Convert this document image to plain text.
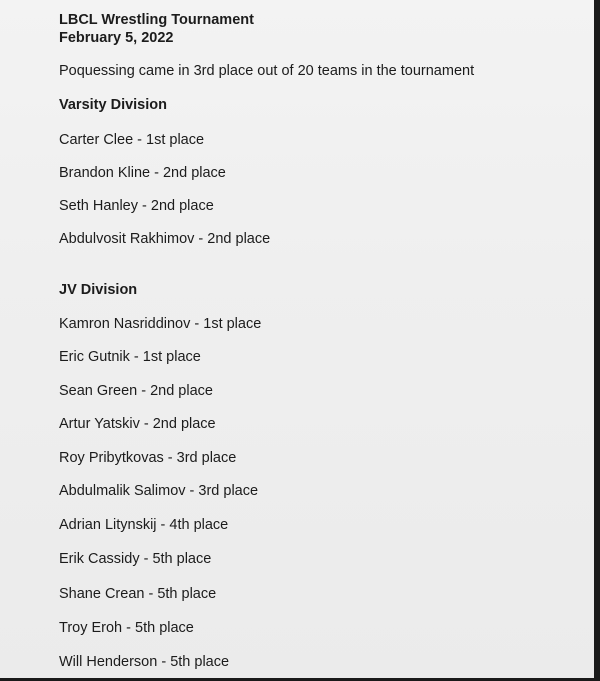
LBCL Wrestling Tournament
February 5, 2022

Poquessing came in 3rd place out of 20 teams in the tournament

Varsity Division

Carter Clee - 1st place

Brandon Kline - 2nd place

Seth Hanley - 2nd place

Abdulvosit Rakhimov - 2nd place

JV Division

Kamron Nasriddinov - 1st place

Eric Gutnik - 1st place

Sean Green - 2nd place

Artur Yatskiv - 2nd place

Roy Pribytkovas - 3rd place

Abdulmalik Salimov - 3rd place

Adrian Litynskij - 4th place

Erik Cassidy - 5th place

Shane Crean - 5th place

Troy Eroh - 5th place

Will Henderson - 5th place
